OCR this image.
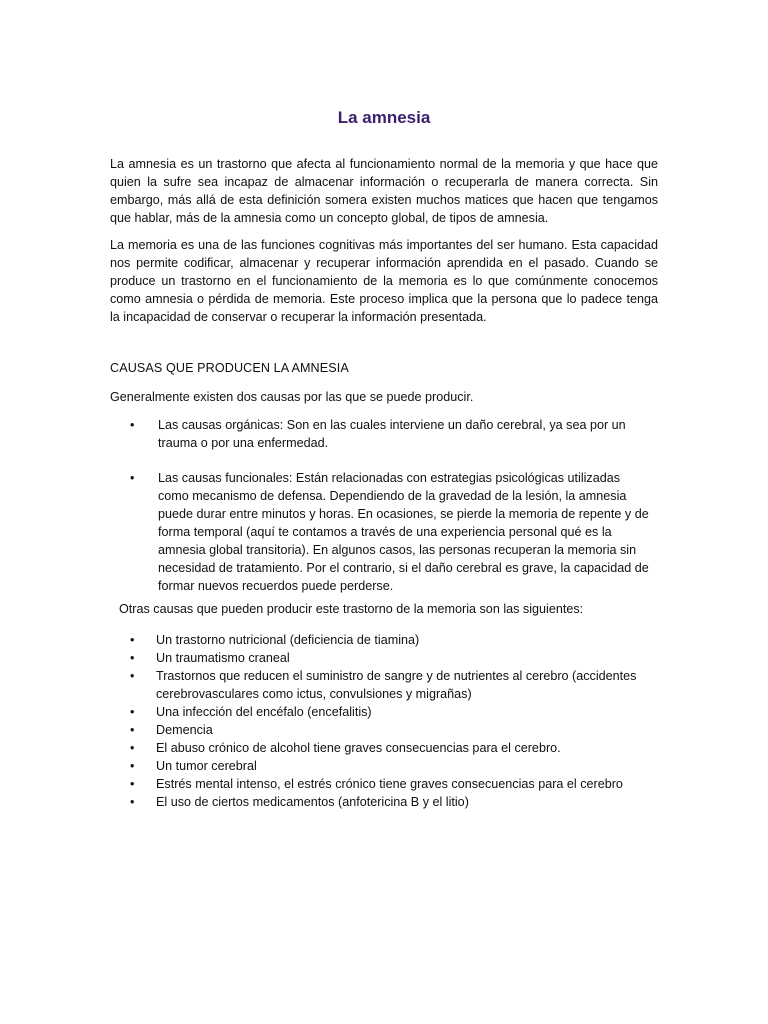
La amnesia

La amnesia es un trastorno que afecta al funcionamiento normal de la memoria y que hace que quien la sufre sea incapaz de almacenar información o recuperarla de manera correcta. Sin embargo, más allá de esta definición somera existen muchos matices que hacen que tengamos que hablar, más de la amnesia como un concepto global, de tipos de amnesia.

La memoria es una de las funciones cognitivas más importantes del ser humano. Esta capacidad nos permite codificar, almacenar y recuperar información aprendida en el pasado. Cuando se produce un trastorno en el funcionamiento de la memoria es lo que comúnmente conocemos como amnesia o pérdida de memoria. Este proceso implica que la persona que lo padece tenga la incapacidad de conservar o recuperar la información presentada.

CAUSAS QUE PRODUCEN LA AMNESIA

Generalmente existen dos causas por las que se puede producir.

• Las causas orgánicas: Son en las cuales interviene un daño cerebral, ya sea por un trauma o por una enfermedad.
• Las causas funcionales: Están relacionadas con estrategias psicológicas utilizadas como mecanismo de defensa. Dependiendo de la gravedad de la lesión, la amnesia puede durar entre minutos y horas. En ocasiones, se pierde la memoria de repente y de forma temporal (aquí te contamos a través de una experiencia personal qué es la amnesia global transitoria). En algunos casos, las personas recuperan la memoria sin necesidad de tratamiento. Por el contrario, si el daño cerebral es grave, la capacidad de formar nuevos recuerdos puede perderse.

Otras causas que pueden producir este trastorno de la memoria son las siguientes:

• Un trastorno nutricional (deficiencia de tiamina)
• Un traumatismo craneal
• Trastornos que reducen el suministro de sangre y de nutrientes al cerebro (accidentes cerebrovasculares como ictus, convulsiones y migrañas)
• Una infección del encéfalo (encefalitis)
• Demencia
• El abuso crónico de alcohol tiene graves consecuencias para el cerebro.
• Un tumor cerebral
• Estrés mental intenso, el estrés crónico tiene graves consecuencias para el cerebro
• El uso de ciertos medicamentos (anfotericina B y el litio)
